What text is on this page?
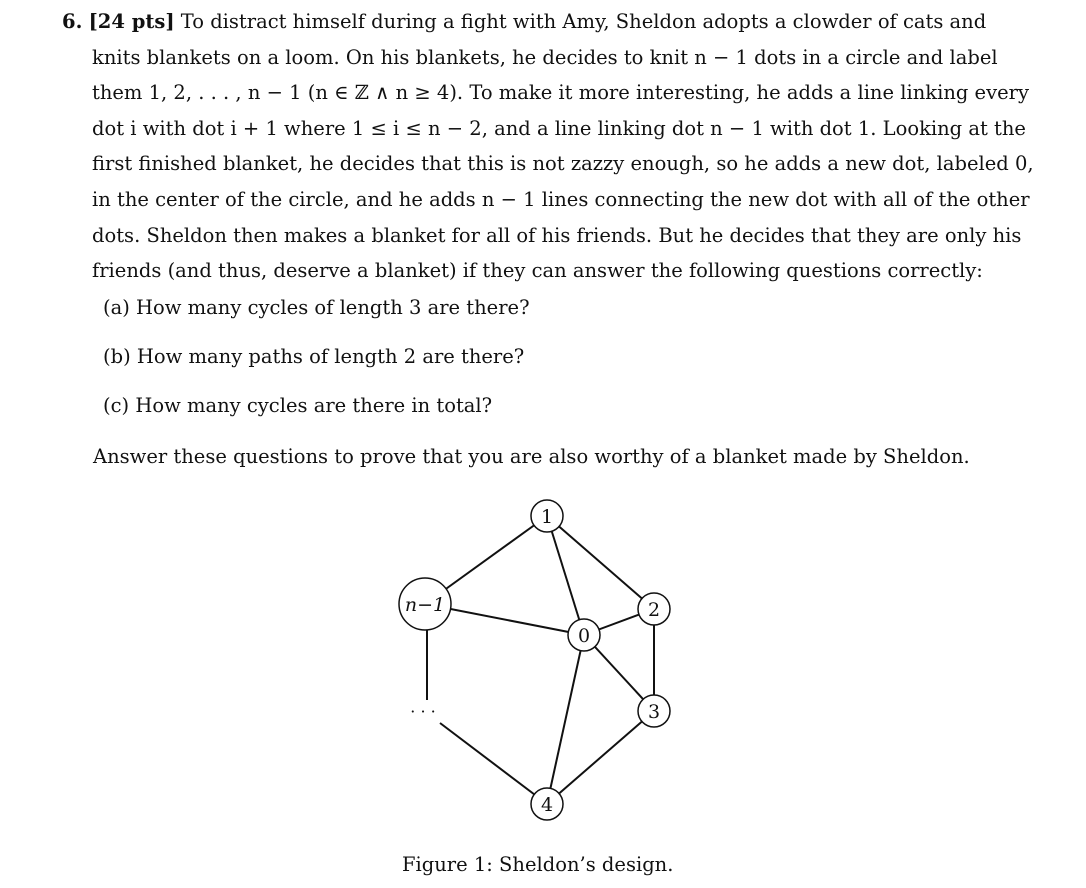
6. [24 pts] To distract himself during a fight with Amy, Sheldon adopts a clowder of cats and
knits blankets on a loom. On his blankets, he decides to knit n − 1 dots in a circle and label
them 1, 2, . . . , n − 1 (n ∈ ℤ ∧ n ≥ 4). To make it more interesting, he adds a line linking every
dot i with dot i + 1 where 1 ≤ i ≤ n − 2, and a line linking dot n − 1 with dot 1. Looking at the
first finished blanket, he decides that this is not zazzy enough, so he adds a new dot, labeled 0,
in the center of the circle, and he adds n − 1 lines connecting the new dot with all of the other
dots. Sheldon then makes a blanket for all of his friends. But he decides that they are only his
friends (and thus, deserve a blanket) if they can answer the following questions correctly:
(a) How many cycles of length 3 are there?
(b) How many paths of length 2 are there?
(c) How many cycles are there in total?
Answer these questions to prove that you are also worthy of a blanket made by Sheldon.
1
2
3
4
0
n−1
· · ·
Figure 1: Sheldon’s design.
